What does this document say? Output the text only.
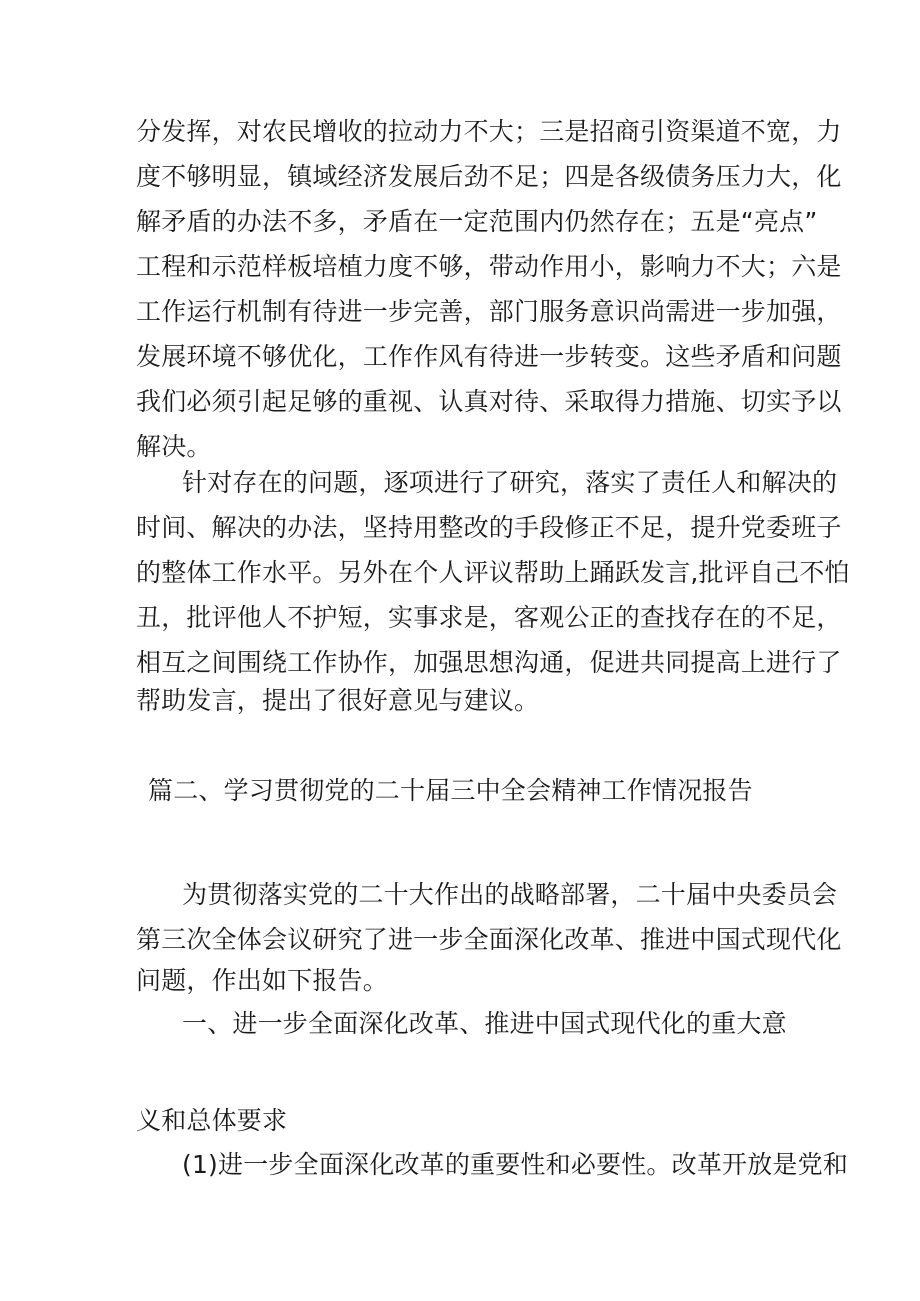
分发挥，对农民增收的拉动力不大；三是招商引资渠道不宽，力
度不够明显，镇域经济发展后劲不足；四是各级债务压力大，化
解矛盾的办法不多，矛盾在一定范围内仍然存在；五是“亮点”
工程和示范样板培植力度不够，带动作用小，影响力不大；六是
工作运行机制有待进一步完善，部门服务意识尚需进一步加强，
发展环境不够优化，工作作风有待进一步转变。这些矛盾和问题
我们必须引起足够的重视、认真对待、采取得力措施、切实予以
解决。
针对存在的问题，逐项进行了研究，落实了责任人和解决的
时间、解决的办法，坚持用整改的手段修正不足，提升党委班子
的整体工作水平。另外在个人评议帮助上踊跃发言,批评自己不怕
丑，批评他人不护短，实事求是，客观公正的查找存在的不足，
相互之间围绕工作协作，加强思想沟通，促进共同提高上进行了
帮助发言，提出了很好意见与建议。
篇二、学习贯彻党的二十届三中全会精神工作情况报告
为贯彻落实党的二十大作出的战略部署，二十届中央委员会
第三次全体会议研究了进一步全面深化改革、推进中国式现代化
问题，作出如下报告。
一、进一步全面深化改革、推进中国式现代化的重大意
义和总体要求
(1)进一步全面深化改革的重要性和必要性。改革开放是党和
